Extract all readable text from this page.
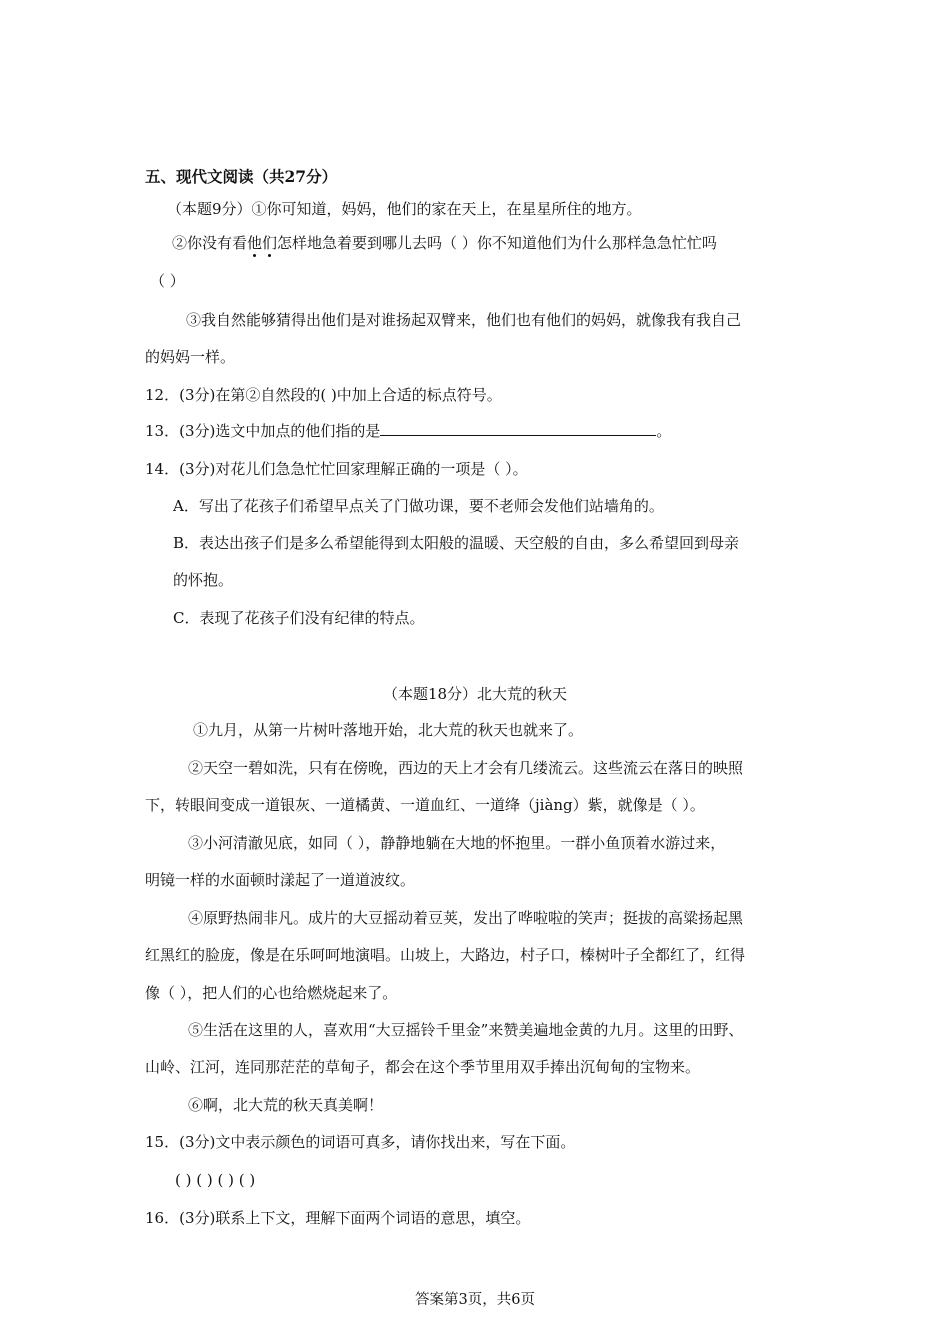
五、现代文阅读（共27分）
（本题9分）①你可知道，妈妈，他们的家在天上，在星星所住的地方。
②你没有看他们怎样地急着要到哪儿去吗（ ）你不知道他们为什么那样急急忙忙吗
（ ）
③我自然能够猜得出他们是对谁扬起双臂来，他们也有他们的妈妈，就像我有我自己
的妈妈一样。
12．(3分)在第②自然段的( )中加上合适的标点符号。
13．(3分)选文中加点的他们指的是	。
14．(3分)对花儿们急急忙忙回家理解正确的一项是（ ）。
A．写出了花孩子们希望早点关了门做功课，要不老师会发他们站墙角的。
B．表达出孩子们是多么希望能得到太阳般的温暖、天空般的自由，多么希望回到母亲
的怀抱。
C．表现了花孩子们没有纪律的特点。
（本题18分）北大荒的秋天
①九月，从第一片树叶落地开始，北大荒的秋天也就来了。
②天空一碧如洗，只有在傍晚，西边的天上才会有几缕流云。这些流云在落日的映照
下，转眼间变成一道银灰、一道橘黄、一道血红、一道绛（jiàng）紫，就像是（ ）。
③小河清澈见底，如同（ ），静静地躺在大地的怀抱里。一群小鱼顶着水游过来，
明镜一样的水面顿时漾起了一道道波纹。
④原野热闹非凡。成片的大豆摇动着豆荚，发出了哗啦啦的笑声；挺拔的高粱扬起黑
红黑红的脸庞，像是在乐呵呵地演唱。山坡上，大路边，村子口，榛树叶子全都红了，红得
像（ ），把人们的心也给燃烧起来了。
⑤生活在这里的人，喜欢用“大豆摇铃千里金”来赞美遍地金黄的九月。这里的田野、
山岭、江河，连同那茫茫的草甸子，都会在这个季节里用双手捧出沉甸甸的宝物来。
⑥啊，北大荒的秋天真美啊！
15．(3分)文中表示颜色的词语可真多，请你找出来，写在下面。
( ) ( ) ( ) ( )
16．(3分)联系上下文，理解下面两个词语的意思，填空。
答案第3页，共6页
